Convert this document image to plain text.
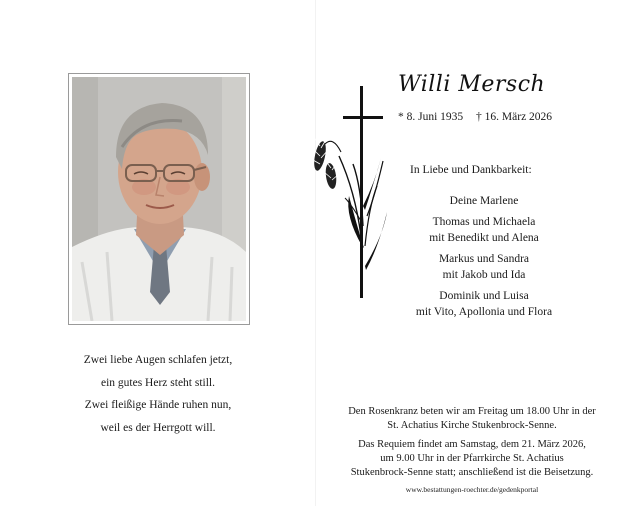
Zwei liebe Augen schlafen jetzt,
ein gutes Herz steht still.
Zwei fleißige Hände ruhen nun,
weil es der Herrgott will.
Willi Mersch
* 8. Juni 1935 † 16. März 2026
In Liebe und Dankbarkeit:
Deine Marlene
Thomas und Michaela
mit Benedikt und Alena
Markus und Sandra
mit Jakob und Ida
Dominik und Luisa
mit Vito, Apollonia und Flora
Den Rosenkranz beten wir am Freitag um 18.00 Uhr in der
St. Achatius Kirche Stukenbrock-Senne.
Das Requiem findet am Samstag, dem 21. März 2026,
um 9.00 Uhr in der Pfarrkirche St. Achatius
Stukenbrock-Senne statt; anschließend ist die Beisetzung.
www.bestattungen-roechter.de/gedenkportal
